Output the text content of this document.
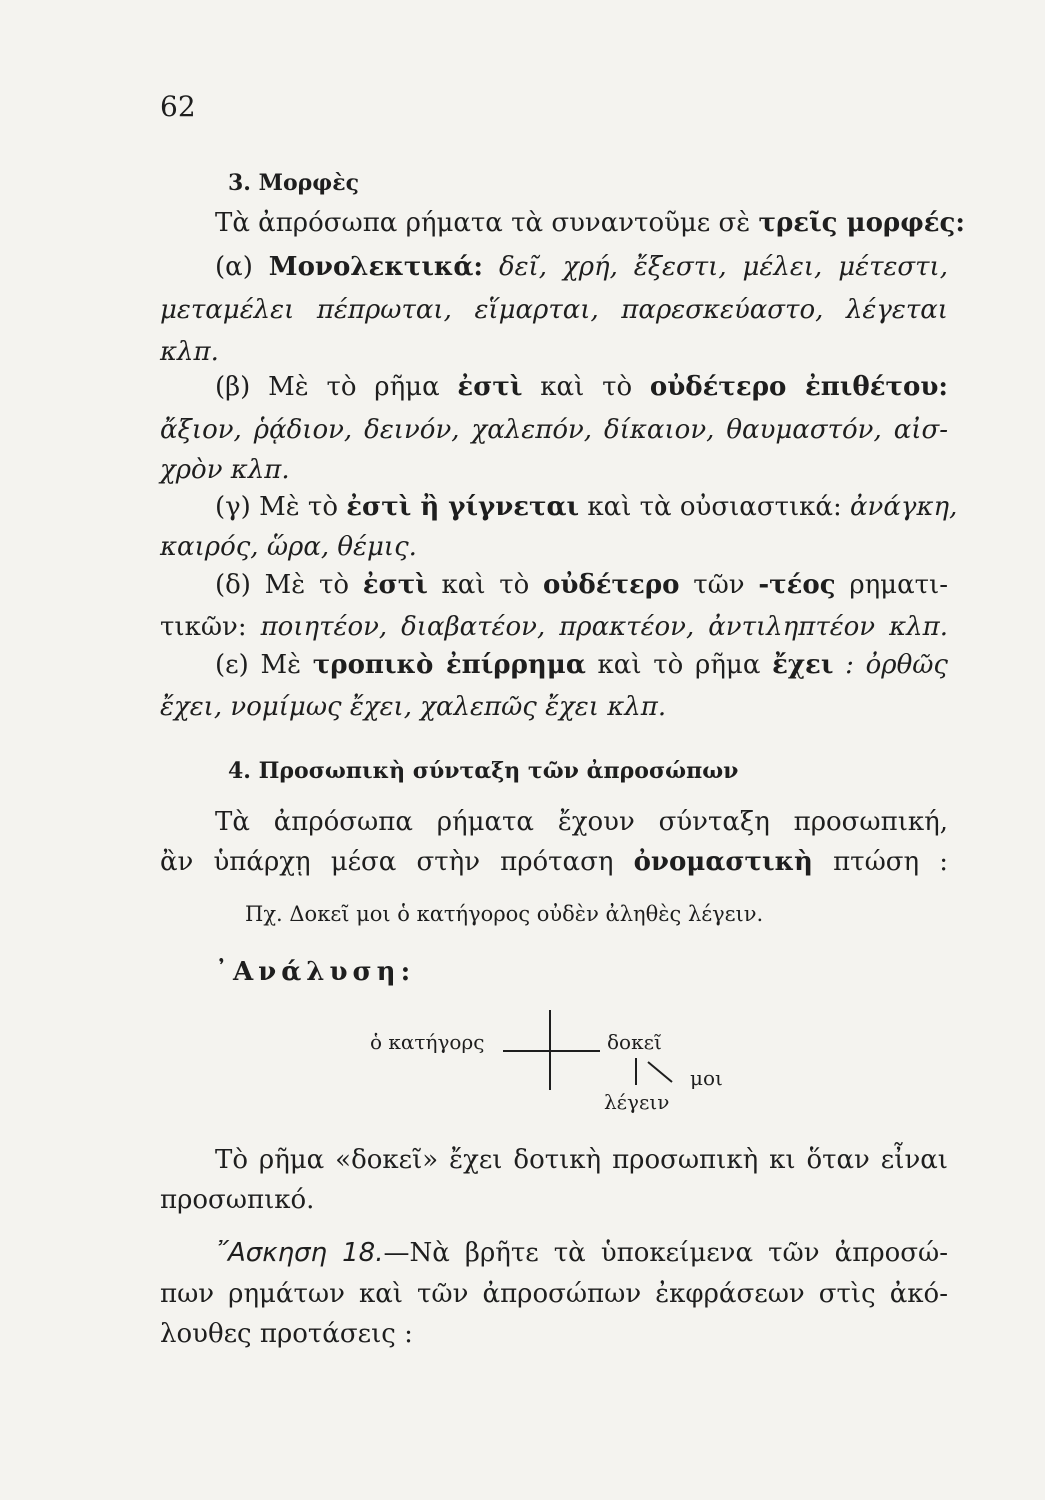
62
3. Μορφὲς
Τὰ ἀπρόσωπα ρήματα τὰ συναντοῦμε σὲ τρεῖς μορφές:
(α) Μονολεκτικά: δεῖ, χρή, ἔξεστι, μέλει, μέτεστι,
μεταμέλει πέπρωται, εἵμαρται, παρεσκεύαστο, λέγεται
κλπ.
(β) Μὲ τὸ ρῆμα ἐστὶ καὶ τὸ οὐδέτερο ἐπιθέτου:
ἄξιον, ῥᾴδιον, δεινόν, χαλεπόν, δίκαιον, θαυμαστόν, αἰσ-
χρὸν κλπ.
(γ) Μὲ τὸ ἐστὶ ἢ γίγνεται καὶ τὰ οὐσιαστικά: ἀνάγκη,
καιρός, ὥρα, θέμις.
(δ) Μὲ τὸ ἐστὶ καὶ τὸ οὐδέτερο τῶν -τέος ρηματι-
τικῶν: ποιητέον, διαβατέον, πρακτέον, ἀντιληπτέον κλπ.
(ε) Μὲ τροπικὸ ἐπίρρημα καὶ τὸ ρῆμα ἔχει : ὀρθῶς
ἔχει, νομίμως ἔχει, χαλεπῶς ἔχει κλπ.
4. Προσωπικὴ σύνταξη τῶν ἀπροσώπων
Τὰ ἀπρόσωπα ρήματα ἔχουν σύνταξη προσωπική,
ἂν ὑπάρχῃ μέσα στὴν πρόταση ὀνομαστικὴ πτώση :
Πχ. Δοκεῖ μοι ὁ κατήγορος οὐδὲν ἀληθὲς λέγειν.
᾿Ανάλυση:
ὁ κατήγορς	δοκεῖ
μοι
λέγειν
Τὸ ρῆμα «δοκεῖ» ἔχει δοτικὴ προσωπικὴ κι ὅταν εἶναι
προσωπικό.
῎Ασκηση 18.—Νὰ βρῆτε τὰ ὑποκείμενα τῶν ἀπροσώ-
πων ρημάτων καὶ τῶν ἀπροσώπων ἐκφράσεων στὶς ἀκό-
λουθες προτάσεις :
